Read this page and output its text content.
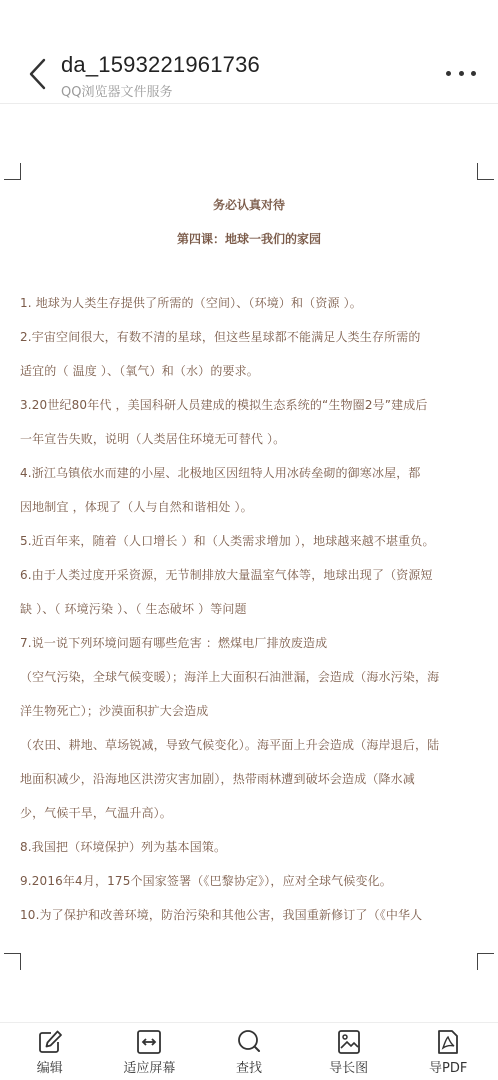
da_1593221961736
QQ浏览器文件服务
务必认真对待
第四课：地球一我们的家园
1. 地球为人类生存提供了所需的（空间）、（环境）和（资源 ）。
2.宇宙空间很大，有数不清的星球，但这些星球都不能满足人类生存所需的
适宜的（ 温度 ）、（氧气）和（水）的要求。
3.20世纪80年代 ，美国科研人员建成的模拟生态系统的“生物圈2号”建成后
一年宣告失败，说明（人类居住环境无可替代 ）。
4.浙江乌镇依水而建的小屋、北极地区因纽特人用冰砖垒砌的御寒冰屋，都
因地制宜 ，体现了（人与自然和谐相处 ）。
5.近百年来，随着（人口增长 ）和（人类需求增加 ），地球越来越不堪重负。
6.由于人类过度开采资源，无节制排放大量温室气体等，地球出现了（资源短
缺 ）、（ 环境污染 ）、（ 生态破坏 ）等问题
7.说一说下列环境问题有哪些危害 ：燃煤电厂排放废造成
（空气污染，全球气候变暖）；海洋上大面积石油泄漏，会造成（海水污染，海
洋生物死亡）；沙漠面积扩大会造成
（农田、耕地、草场锐减，导致气候变化）。海平面上升会造成（海岸退后，陆
地面积减少，沿海地区洪涝灾害加剧），热带雨林遭到破坏会造成（降水减
少，气候干旱，气温升高）。
8.我国把（环境保护）列为基本国策。
9.2016年4月，175个国家签署（《巴黎协定》），应对全球气候变化。
10.为了保护和改善环境，防治污染和其他公害，我国重新修订了（《中华人
编辑	适应屏幕	查找	导长图	导PDF
